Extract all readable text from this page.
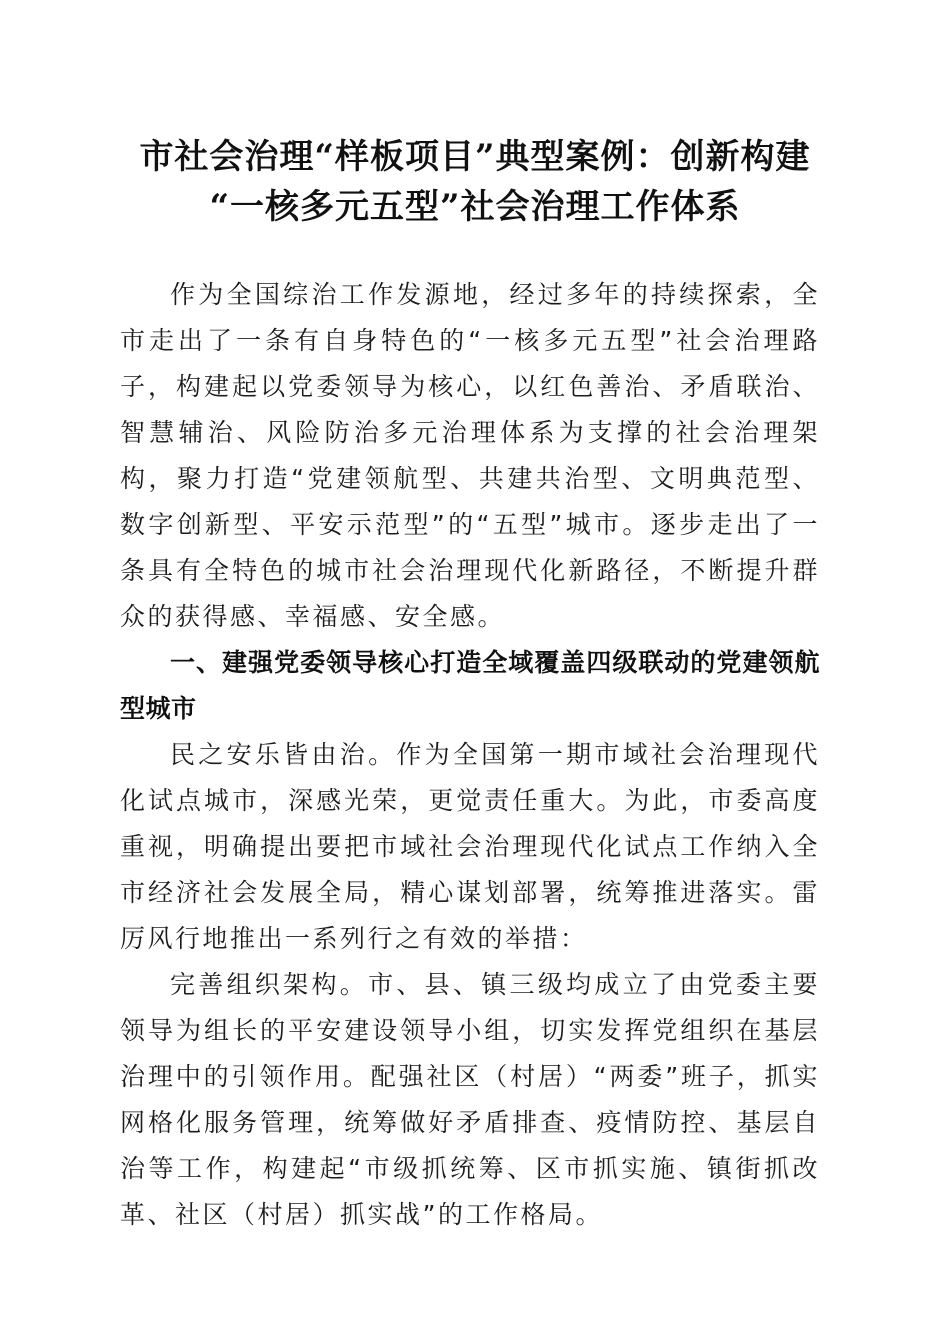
市社会治理“样板项目”典型案例：创新构建
“一核多元五型”社会治理工作体系

作为全国综治工作发源地，经过多年的持续探索，全市走出了一条有自身特色的“一核多元五型”社会治理路子，构建起以党委领导为核心，以红色善治、矛盾联治、智慧辅治、风险防治多元治理体系为支撑的社会治理架构，聚力打造“党建领航型、共建共治型、文明典范型、数字创新型、平安示范型”的“五型”城市。逐步走出了一条具有全特色的城市社会治理现代化新路径，不断提升群众的获得感、幸福感、安全感。

一、建强党委领导核心打造全域覆盖四级联动的党建领航型城市

民之安乐皆由治。作为全国第一期市域社会治理现代化试点城市，深感光荣，更觉责任重大。为此，市委高度重视，明确提出要把市域社会治理现代化试点工作纳入全市经济社会发展全局，精心谋划部署，统筹推进落实。雷厉风行地推出一系列行之有效的举措：

完善组织架构。市、县、镇三级均成立了由党委主要领导为组长的平安建设领导小组，切实发挥党组织在基层治理中的引领作用。配强社区（村居）“两委”班子，抓实网格化服务管理，统筹做好矛盾排查、疫情防控、基层自治等工作，构建起“市级抓统筹、区市抓实施、镇街抓改革、社区（村居）抓实战”的工作格局。
